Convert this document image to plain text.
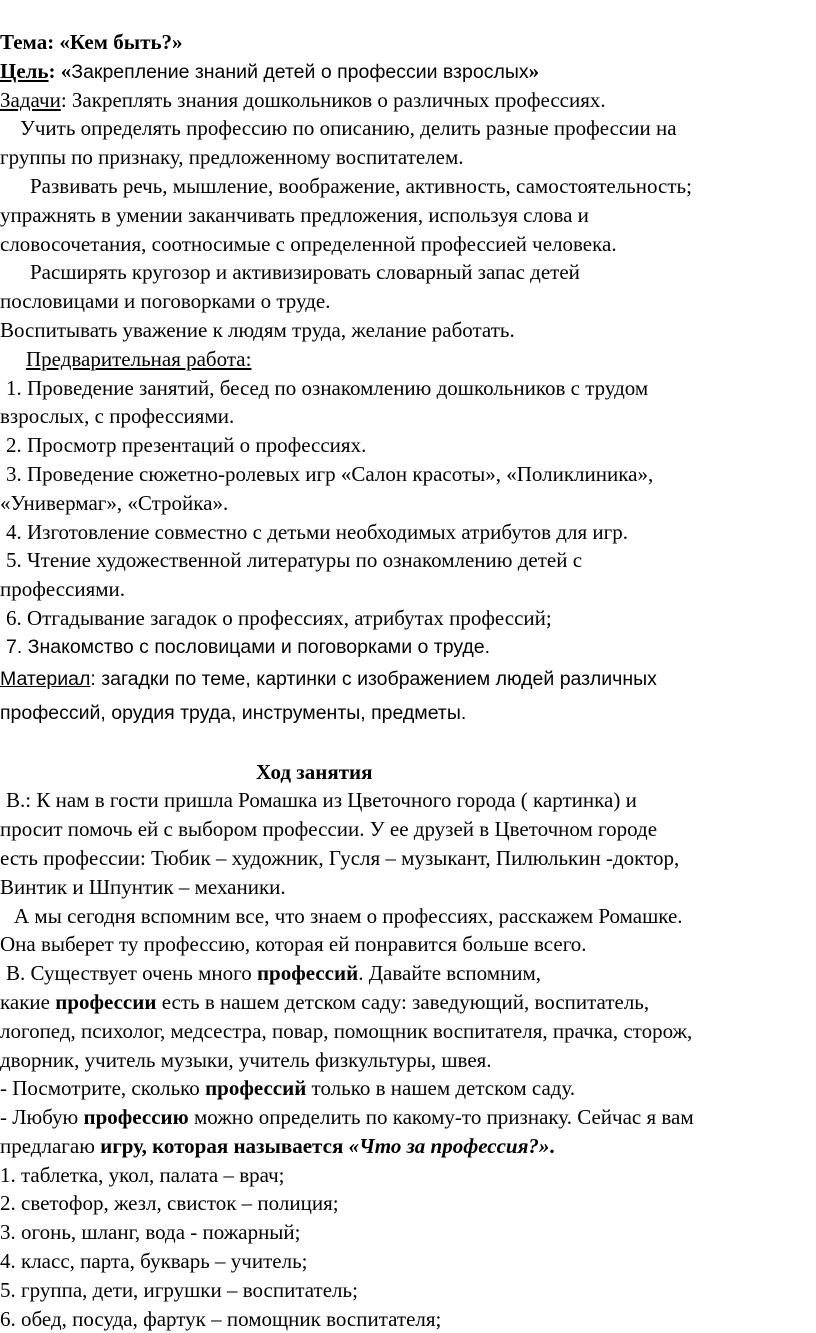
Тема: «Кем быть?»
Цель: «Закрепление знаний детей о профессии взрослых»
Задачи: Закреплять знания дошкольников о различных профессиях.
Учить определять профессию по описанию, делить разные профессии на
группы по признаку, предложенному воспитателем.
Развивать речь, мышление, воображение, активность, самостоятельность;
упражнять в умении заканчивать предложения, используя слова и
словосочетания, соотносимые с определенной профессией человека.
Расширять кругозор и активизировать словарный запас детей
пословицами и поговорками о труде.
Воспитывать уважение к людям труда, желание работать.
Предварительная работа:
1. Проведение занятий, бесед по ознакомлению дошкольников с трудом
взрослых, с профессиями.
2. Просмотр презентаций о профессиях.
3. Проведение сюжетно-ролевых игр «Салон красоты», «Поликлиника»,
«Универмаг», «Стройка».
4. Изготовление совместно с детьми необходимых атрибутов для игр.
5. Чтение художественной литературы по ознакомлению детей с
профессиями.
6. Отгадывание загадок о профессиях, атрибутах профессий;
7. Знакомство с пословицами и поговорками о труде.
Материал: загадки по теме, картинки с изображением людей различных
профессий, орудия труда, инструменты, предметы.
Ход занятия
В.: К нам в гости пришла Ромашка из Цветочного города ( картинка) и
просит помочь ей с выбором профессии. У ее друзей в Цветочном городе
есть профессии: Тюбик – художник, Гусля – музыкант, Пилюлькин -доктор,
Винтик и Шпунтик – механики.
А мы сегодня вспомним все, что знаем о профессиях, расскажем Ромашке.
Она выберет ту профессию, которая ей понравится больше всего.
В. Существует очень много профессий. Давайте вспомним,
какие профессии есть в нашем детском саду: заведующий, воспитатель,
логопед, психолог, медсестра, повар, помощник воспитателя, прачка, сторож,
дворник, учитель музыки, учитель физкультуры, швея.
- Посмотрите, сколько профессий только в нашем детском саду.
- Любую профессию можно определить по какому-то признаку. Сейчас я вам
предлагаю игру, которая называется «Что за профессия?».
1. таблетка, укол, палата – врач;
2. светофор, жезл, свисток – полиция;
3. огонь, шланг, вода - пожарный;
4. класс, парта, букварь – учитель;
5. группа, дети, игрушки – воспитатель;
6. обед, посуда, фартук – помощник воспитателя;
